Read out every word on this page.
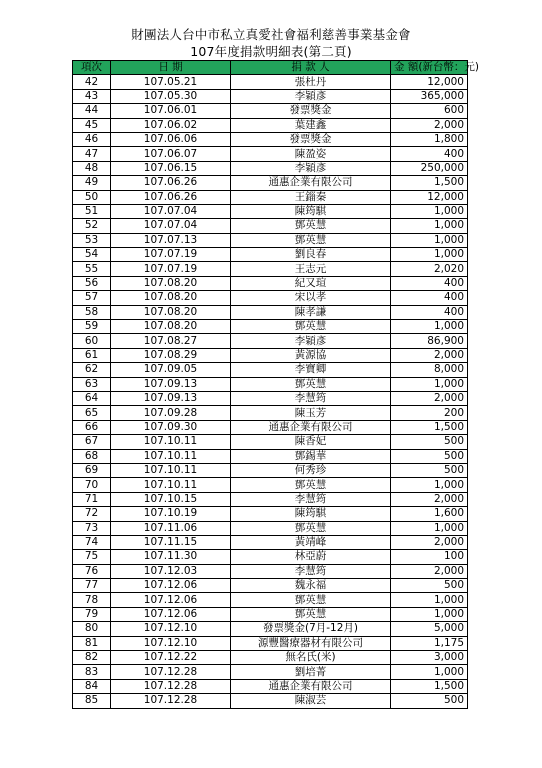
財團法人台中市私立真愛社會福利慈善事業基金會
107年度捐款明細表(第二頁)
項次	日 期	捐 款 人	金 額(新台幣：元)
42	107.05.21	張杜丹	12,000
43	107.05.30	李穎彥	365,000
44	107.06.01	發票獎金	600
45	107.06.02	葉建鑫	2,000
46	107.06.06	發票獎金	1,800
47	107.06.07	陳盈姿	400
48	107.06.15	李穎彥	250,000
49	107.06.26	通惠企業有限公司	1,500
50	107.06.26	王錙秦	12,000
51	107.07.04	陳筠騏	1,000
52	107.07.04	鄧英慧	1,000
53	107.07.13	鄧英慧	1,000
54	107.07.19	劉良春	1,000
55	107.07.19	王志元	2,020
56	107.08.20	紀又瑄	400
57	107.08.20	宋以孝	400
58	107.08.20	陳孝謙	400
59	107.08.20	鄧英慧	1,000
60	107.08.27	李穎彥	86,900
61	107.08.29	黃源協	2,000
62	107.09.05	李寶卿	8,000
63	107.09.13	鄧英慧	1,000
64	107.09.13	李慧筠	2,000
65	107.09.28	陳玉芳	200
66	107.09.30	通惠企業有限公司	1,500
67	107.10.11	陳香妃	500
68	107.10.11	鄧錫華	500
69	107.10.11	何秀珍	500
70	107.10.11	鄧英慧	1,000
71	107.10.15	李慧筠	2,000
72	107.10.19	陳筠騏	1,600
73	107.11.06	鄧英慧	1,000
74	107.11.15	黃靖峰	2,000
75	107.11.30	林亞蔚	100
76	107.12.03	李慧筠	2,000
77	107.12.06	魏永福	500
78	107.12.06	鄧英慧	1,000
79	107.12.06	鄧英慧	1,000
80	107.12.10	發票獎金(7月-12月)	5,000
81	107.12.10	源豐醫療器材有限公司	1,175
82	107.12.22	無名氏(米)	3,000
83	107.12.28	劉培菁	1,000
84	107.12.28	通惠企業有限公司	1,500
85	107.12.28	陳淑芸	500
